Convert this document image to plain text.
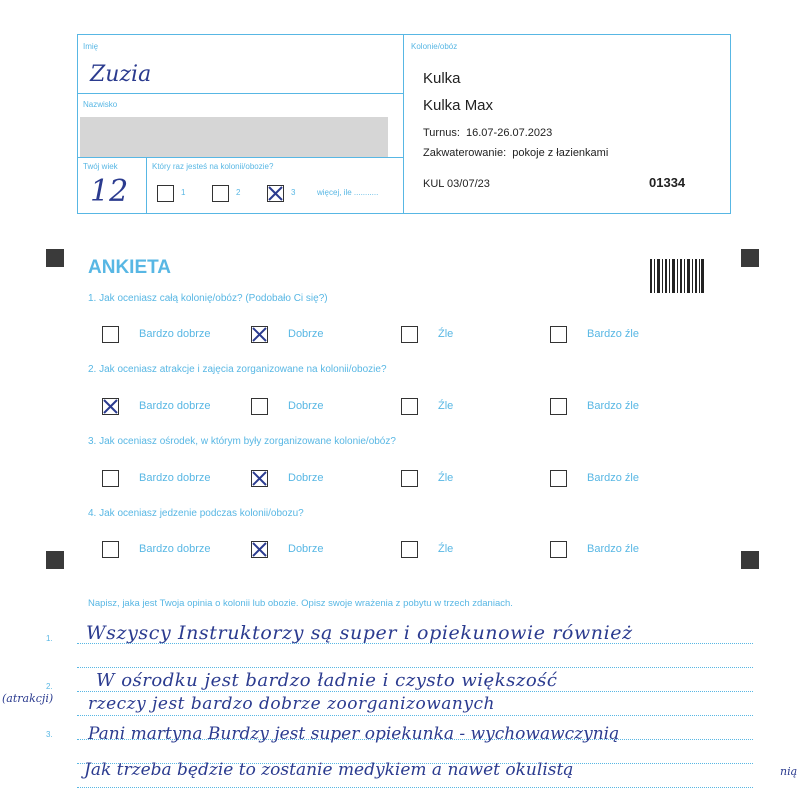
Imię
Zuzia
Nazwisko
Twój wiek
12
Który raz jesteś na kolonii/obozie?
1	2	3	więcej, ile ...........
Kolonie/obóz
Kulka
Kulka Max
Turnus: 16.07-26.07.2023
Zakwaterowanie: pokoje z łazienkami
KUL 03/07/23	01334
ANKIETA
1. Jak oceniasz całą kolonię/obóz? (Podobało Ci się?)
2. Jak oceniasz atrakcje i zajęcia zorganizowane na kolonii/obozie?
3. Jak oceniasz ośrodek, w którym były zorganizowane kolonie/obóz?
4. Jak oceniasz jedzenie podczas kolonii/obozu?
Bardzo dobrze	Dobrze	Źle	Bardzo źle
Bardzo dobrze	Dobrze	Źle	Bardzo źle
Bardzo dobrze	Dobrze	Źle	Bardzo źle
Bardzo dobrze	Dobrze	Źle	Bardzo źle
Napisz, jaka jest Twoja opinia o kolonii lub obozie. Opisz swoje wrażenia z pobytu w trzech zdaniach.
1.
2.
3.
Wszyscy Instruktorzy są super i opiekunowie również
W ośrodku jest bardzo ładnie i czysto większość
(atrakcji) rzeczy jest bardzo dobrze zoorganizowanych
Pani martyna Burdzy jest super opiekunka - wychowawczynią
nią
Jak trzeba będzie to zostanie medykiem a nawet okulistą
